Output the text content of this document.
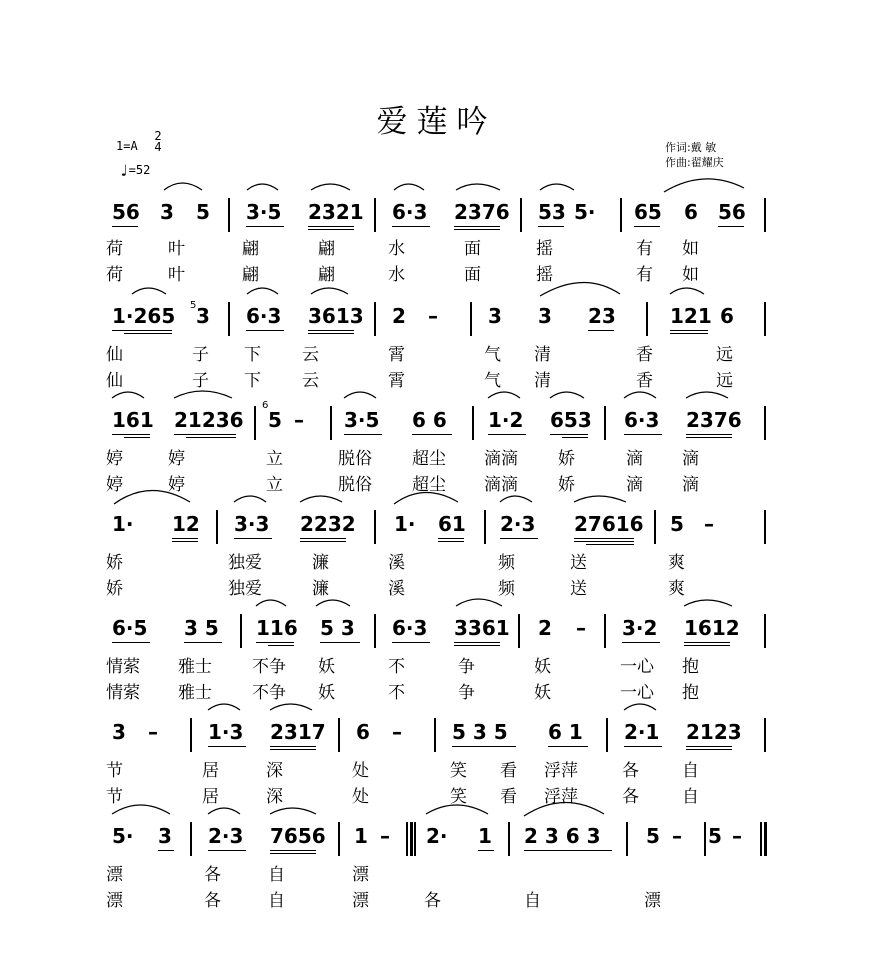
爱莲吟
1=A
2
4
♩=52
作词:戴 敏
作曲:翟耀庆
56 3 5 3·5 2321 6·3 2376 53 5· 65 6 56
荷	叶	翩	翩	水	面	摇	有 如
荷	叶	翩	翩	水	面	摇	有 如
1·265 5 3 6·3 3613 2 –	3 3 23	121 6
仙	子 下 云	霄	气 清	香	远
仙	子 下 云	霄	气 清	香	远
161 21236
6
5 – 3·5 6 6 1·2 653 6·3 2376
婷	婷	立	脱俗 超尘 滴滴 娇	滴 滴
婷	婷	立	脱俗 超尘 滴滴 娇	滴 滴
1· 12 3·3 2232 1· 61 2·3 27616 5 –
娇	独爱	濂	溪	频	送	爽
娇	独爱	濂	溪	频	送	爽
6·5 3 5 116 5 3 6·3 3361 2 – 3·2 1612
情萦 雅士 不争 妖	不	争	妖	一心 抱
情萦 雅士 不争 妖	不	争	妖	一心 抱
3 –	1·3 2317 6 –	5 3 5 6 1 2·1 2123
节	居	深	处	笑 看 浮萍	各	自
节	居	深	处	笑 看 浮萍	各	自
5· 3 2·3 7656 1 – 2· 1 2 3 6 3 5 – 5 –
漂	各	自	漂
漂	各	自	漂	各	自	漂
